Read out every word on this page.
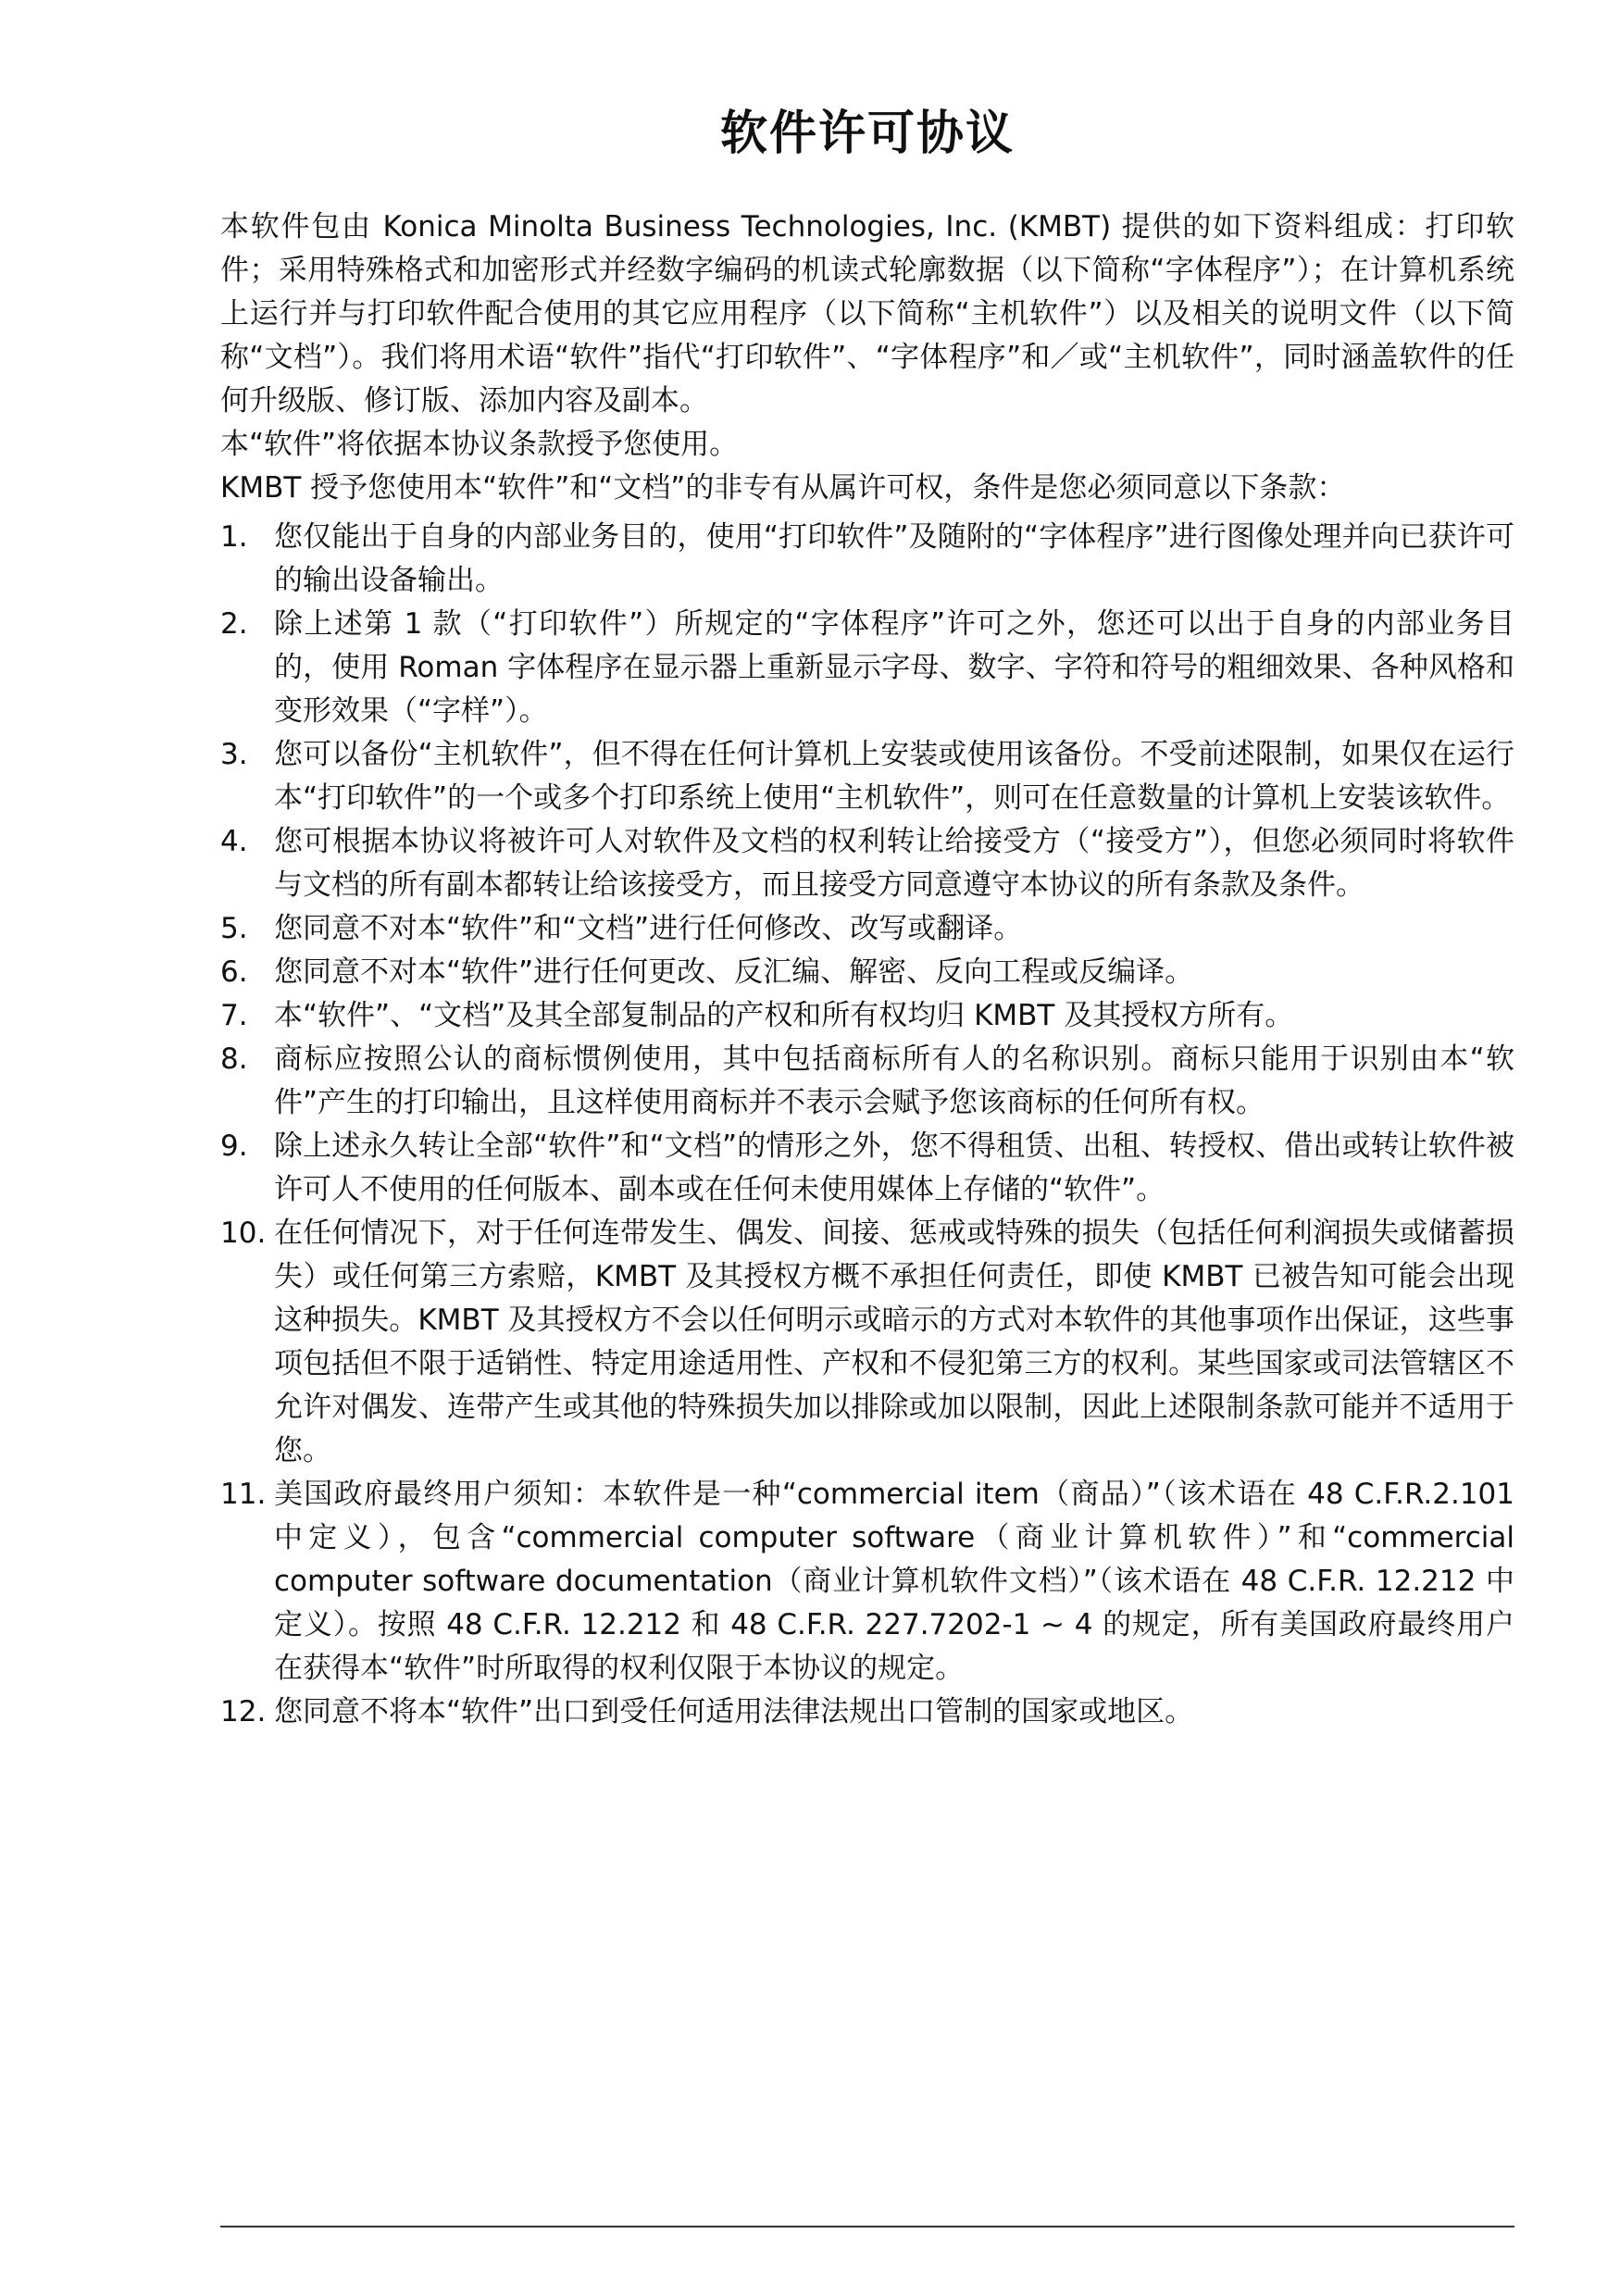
软件许可协议

本软件包由 Konica Minolta Business Technologies, Inc. (KMBT) 提供的如下资料组成：打印软件；采用特殊格式和加密形式并经数字编码的机读式轮廓数据（以下简称“字体程序”）；在计算机系统上运行并与打印软件配合使用的其它应用程序（以下简称“主机软件”）以及相关的说明文件（以下简称“文档”）。我们将用术语“软件”指代“打印软件”、“字体程序”和／或“主机软件”，同时涵盖软件的任何升级版、修订版、添加内容及副本。

本“软件”将依据本协议条款授予您使用。

KMBT 授予您使用本“软件”和“文档”的非专有从属许可权，条件是您必须同意以下条款：

1. 您仅能出于自身的内部业务目的，使用“打印软件”及随附的“字体程序”进行图像处理并向已获许可的输出设备输出。
2. 除上述第 1 款（“打印软件”）所规定的“字体程序”许可之外，您还可以出于自身的内部业务目的，使用 Roman 字体程序在显示器上重新显示字母、数字、字符和符号的粗细效果、各种风格和变形效果（“字样”）。
3. 您可以备份“主机软件”，但不得在任何计算机上安装或使用该备份。不受前述限制，如果仅在运行本“打印软件”的一个或多个打印系统上使用“主机软件”，则可在任意数量的计算机上安装该软件。
4. 您可根据本协议将被许可人对软件及文档的权利转让给接受方（“接受方”），但您必须同时将软件与文档的所有副本都转让给该接受方，而且接受方同意遵守本协议的所有条款及条件。
5. 您同意不对本“软件”和“文档”进行任何修改、改写或翻译。
6. 您同意不对本“软件”进行任何更改、反汇编、解密、反向工程或反编译。
7. 本“软件”、“文档”及其全部复制品的产权和所有权均归 KMBT 及其授权方所有。
8. 商标应按照公认的商标惯例使用，其中包括商标所有人的名称识别。商标只能用于识别由本“软件”产生的打印输出，且这样使用商标并不表示会赋予您该商标的任何所有权。
9. 除上述永久转让全部“软件”和“文档”的情形之外，您不得租赁、出租、转授权、借出或转让软件被许可人不使用的任何版本、副本或在任何未使用媒体上存储的“软件”。
10. 在任何情况下，对于任何连带发生、偶发、间接、惩戒或特殊的损失（包括任何利润损失或储蓄损失）或任何第三方索赔，KMBT 及其授权方概不承担任何责任，即使 KMBT 已被告知可能会出现这种损失。KMBT 及其授权方不会以任何明示或暗示的方式对本软件的其他事项作出保证，这些事项包括但不限于适销性、特定用途适用性、产权和不侵犯第三方的权利。某些国家或司法管辖区不允许对偶发、连带产生或其他的特殊损失加以排除或加以限制，因此上述限制条款可能并不适用于您。
11. 美国政府最终用户须知：本软件是一种“commercial item（商品）”（该术语在 48 C.F.R.2.101 中定义），包含“commercial computer software（商业计算机软件）”和“commercial computer software documentation（商业计算机软件文档）”（该术语在 48 C.F.R. 12.212 中定义）。按照 48 C.F.R. 12.212 和 48 C.F.R. 227.7202-1 ~ 4 的规定，所有美国政府最终用户在获得本“软件”时所取得的权利仅限于本协议的规定。
12. 您同意不将本“软件”出口到受任何适用法律法规出口管制的国家或地区。
